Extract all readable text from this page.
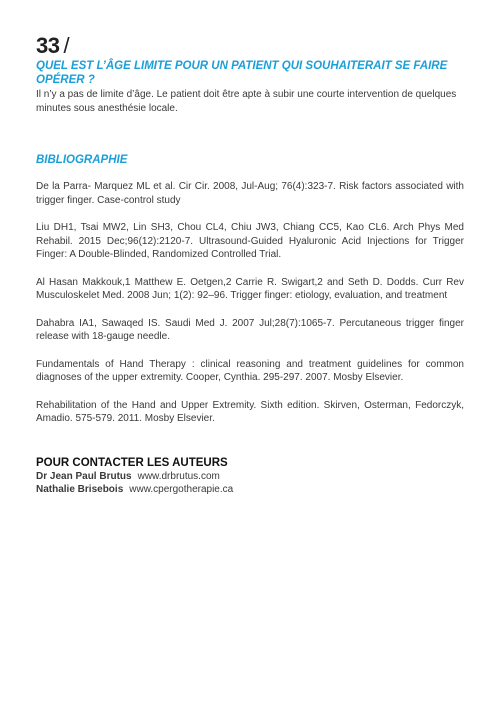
33 /
QUEL EST L’ÂGE LIMITE POUR UN PATIENT QUI SOUHAITERAIT SE FAIRE OPÉRER ?
Il n’y a pas de limite d’âge. Le patient doit être apte à subir une courte intervention de quelques minutes sous anesthésie locale.
BIBLIOGRAPHIE
De la Parra- Marquez ML et al. Cir Cir. 2008, Jul-Aug; 76(4):323-7. Risk factors associated with trigger finger. Case-control study
Liu DH1, Tsai MW2, Lin SH3, Chou CL4, Chiu JW3, Chiang CC5, Kao CL6. Arch Phys Med Rehabil. 2015 Dec;96(12):2120-7. Ultrasound-Guided Hyaluronic Acid Injections for Trigger Finger: A Double-Blinded, Randomized Controlled Trial.
Al Hasan Makkouk,1 Matthew E. Oetgen,2 Carrie R. Swigart,2 and Seth D. Dodds. Curr Rev Musculoskelet Med. 2008 Jun; 1(2): 92–96. Trigger finger: etiology, evaluation, and treatment
Dahabra IA1, Sawaqed IS. Saudi Med J. 2007 Jul;28(7):1065-7. Percutaneous trigger finger release with 18-gauge needle.
Fundamentals of Hand Therapy : clinical reasoning and treatment guidelines for common diagnoses of the upper extremity. Cooper, Cynthia. 295-297. 2007. Mosby Elsevier.
Rehabilitation of the Hand and Upper Extremity. Sixth edition. Skirven, Osterman, Fedorczyk, Amadio. 575-579. 2011. Mosby Elsevier.
POUR CONTACTER LES AUTEURS
Dr Jean Paul Brutus www.drbrutus.com
Nathalie Brisebois www.cpergotherapie.ca
